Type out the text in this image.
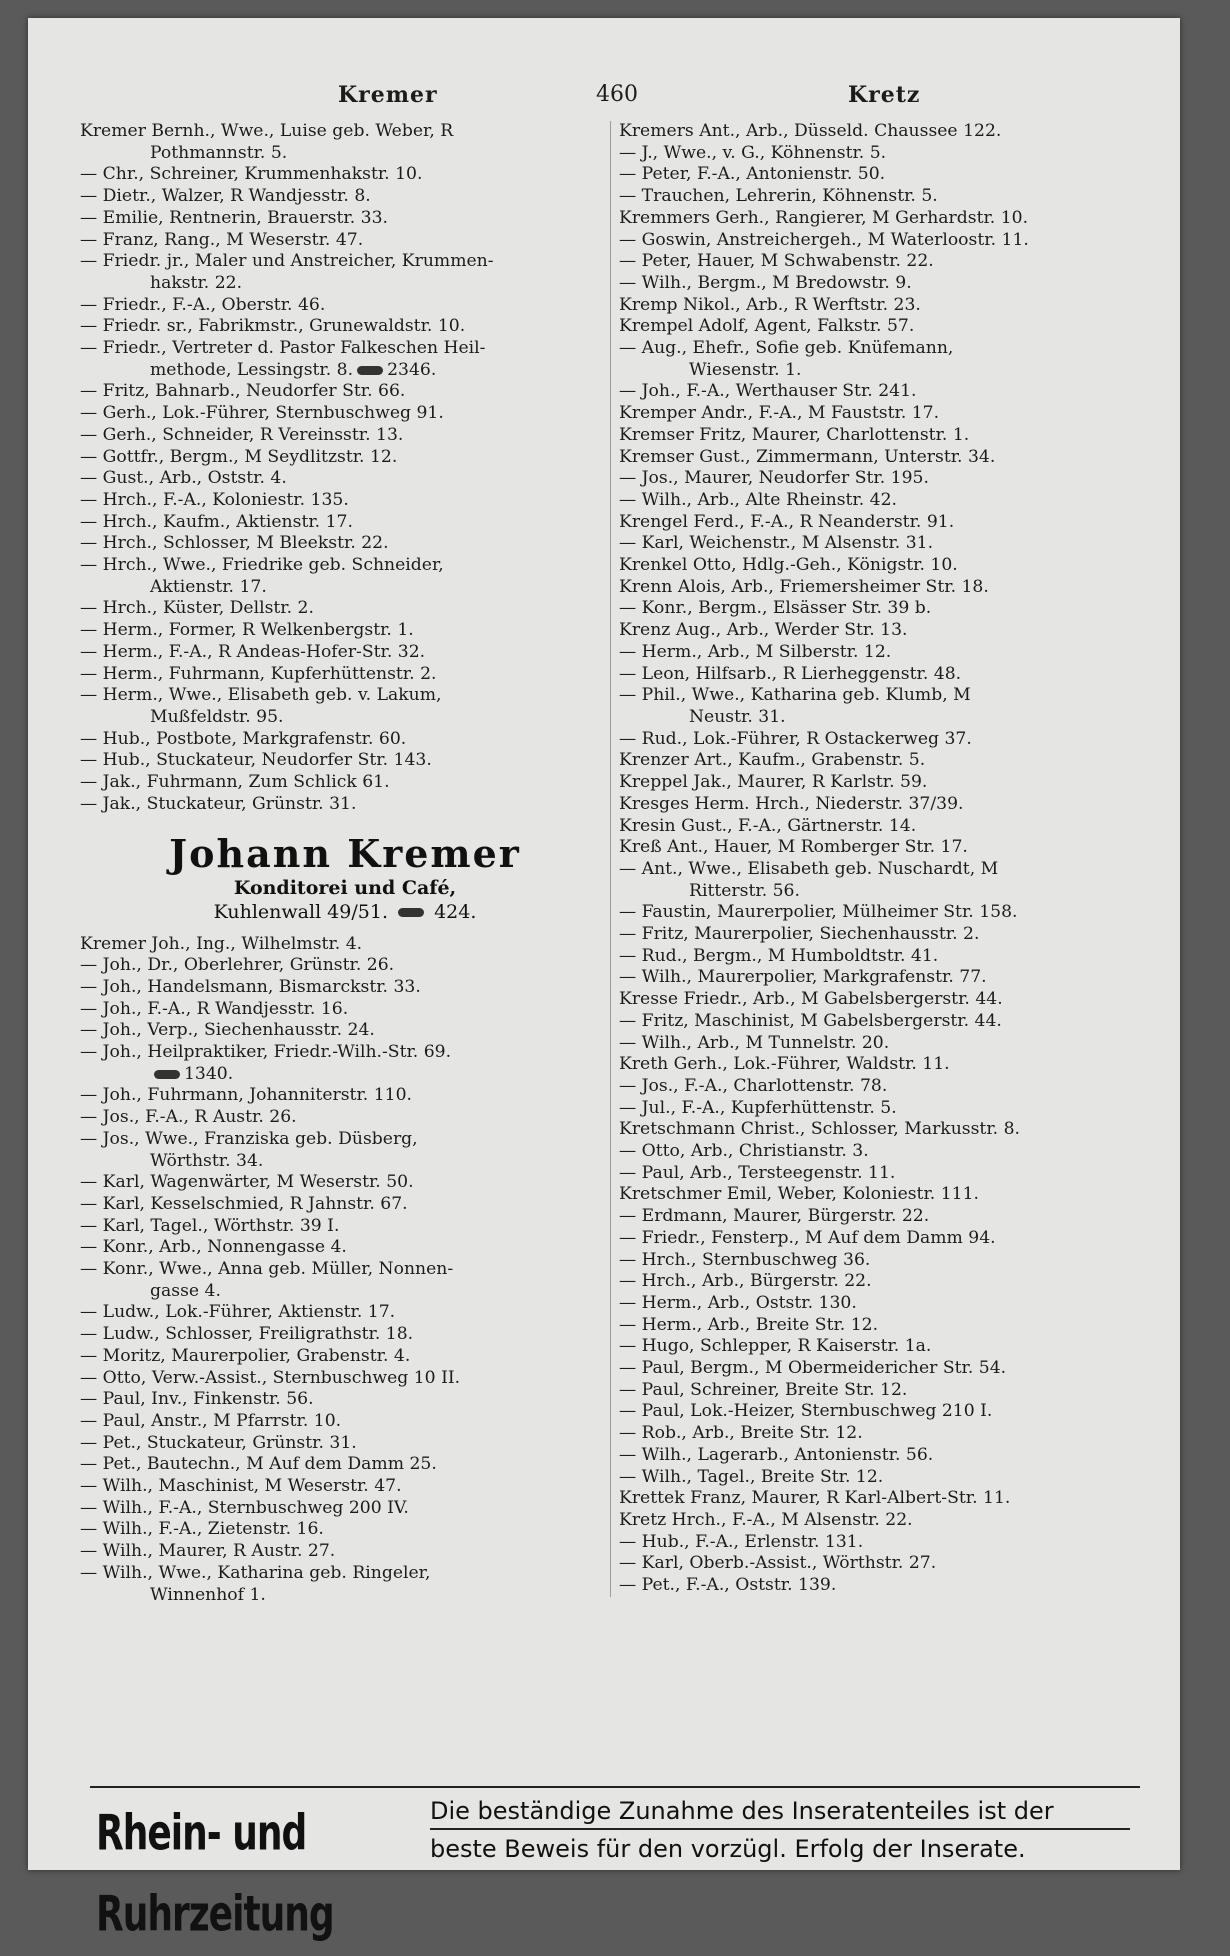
Kremer	460	Kretz
Kremer Bernh., Wwe., Luise geb. Weber, R
Pothmannstr. 5.
— Chr., Schreiner, Krummenhakstr. 10.
— Dietr., Walzer, R Wandjesstr. 8.
— Emilie, Rentnerin, Brauerstr. 33.
— Franz, Rang., M Weserstr. 47.
— Friedr. jr., Maler und Anstreicher, Krummen-
hakstr. 22.
— Friedr., F.-A., Oberstr. 46.
— Friedr. sr., Fabrikmstr., Grunewaldstr. 10.
— Friedr., Vertreter d. Pastor Falkeschen Heil-
methode, Lessingstr. 8. 2346.
— Fritz, Bahnarb., Neudorfer Str. 66.
— Gerh., Lok.-Führer, Sternbuschweg 91.
— Gerh., Schneider, R Vereinsstr. 13.
— Gottfr., Bergm., M Seydlitzstr. 12.
— Gust., Arb., Oststr. 4.
— Hrch., F.-A., Koloniestr. 135.
— Hrch., Kaufm., Aktienstr. 17.
— Hrch., Schlosser, M Bleekstr. 22.
— Hrch., Wwe., Friedrike geb. Schneider,
Aktienstr. 17.
— Hrch., Küster, Dellstr. 2.
— Herm., Former, R Welkenbergstr. 1.
— Herm., F.-A., R Andeas-Hofer-Str. 32.
— Herm., Fuhrmann, Kupferhüttenstr. 2.
— Herm., Wwe., Elisabeth geb. v. Lakum,
Mußfeldstr. 95.
— Hub., Postbote, Markgrafenstr. 60.
— Hub., Stuckateur, Neudorfer Str. 143.
— Jak., Fuhrmann, Zum Schlick 61.
— Jak., Stuckateur, Grünstr. 31.
Johann Kremer
Konditorei und Café,
Kuhlenwall 49/51. 424.
Kremer Joh., Ing., Wilhelmstr. 4.
— Joh., Dr., Oberlehrer, Grünstr. 26.
— Joh., Handelsmann, Bismarckstr. 33.
— Joh., F.-A., R Wandjesstr. 16.
— Joh., Verp., Siechenhausstr. 24.
— Joh., Heilpraktiker, Friedr.-Wilh.-Str. 69.
1340.
— Joh., Fuhrmann, Johanniterstr. 110.
— Jos., F.-A., R Austr. 26.
— Jos., Wwe., Franziska geb. Düsberg,
Wörthstr. 34.
— Karl, Wagenwärter, M Weserstr. 50.
— Karl, Kesselschmied, R Jahnstr. 67.
— Karl, Tagel., Wörthstr. 39 I.
— Konr., Arb., Nonnengasse 4.
— Konr., Wwe., Anna geb. Müller, Nonnen-
gasse 4.
— Ludw., Lok.-Führer, Aktienstr. 17.
— Ludw., Schlosser, Freiligrathstr. 18.
— Moritz, Maurerpolier, Grabenstr. 4.
— Otto, Verw.-Assist., Sternbuschweg 10 II.
— Paul, Inv., Finkenstr. 56.
— Paul, Anstr., M Pfarrstr. 10.
— Pet., Stuckateur, Grünstr. 31.
— Pet., Bautechn., M Auf dem Damm 25.
— Wilh., Maschinist, M Weserstr. 47.
— Wilh., F.-A., Sternbuschweg 200 IV.
— Wilh., F.-A., Zietenstr. 16.
— Wilh., Maurer, R Austr. 27.
— Wilh., Wwe., Katharina geb. Ringeler,
Winnenhof 1.
Kremers Ant., Arb., Düsseld. Chaussee 122.
— J., Wwe., v. G., Köhnenstr. 5.
— Peter, F.-A., Antonienstr. 50.
— Trauchen, Lehrerin, Köhnenstr. 5.
Kremmers Gerh., Rangierer, M Gerhardstr. 10.
— Goswin, Anstreichergeh., M Waterloostr. 11.
— Peter, Hauer, M Schwabenstr. 22.
— Wilh., Bergm., M Bredowstr. 9.
Kremp Nikol., Arb., R Werftstr. 23.
Krempel Adolf, Agent, Falkstr. 57.
— Aug., Ehefr., Sofie geb. Knüfemann,
Wiesenstr. 1.
— Joh., F.-A., Werthauser Str. 241.
Kremper Andr., F.-A., M Fauststr. 17.
Kremser Fritz, Maurer, Charlottenstr. 1.
Kremser Gust., Zimmermann, Unterstr. 34.
— Jos., Maurer, Neudorfer Str. 195.
— Wilh., Arb., Alte Rheinstr. 42.
Krengel Ferd., F.-A., R Neanderstr. 91.
— Karl, Weichenstr., M Alsenstr. 31.
Krenkel Otto, Hdlg.-Geh., Königstr. 10.
Krenn Alois, Arb., Friemersheimer Str. 18.
— Konr., Bergm., Elsässer Str. 39 b.
Krenz Aug., Arb., Werder Str. 13.
— Herm., Arb., M Silberstr. 12.
— Leon, Hilfsarb., R Lierheggenstr. 48.
— Phil., Wwe., Katharina geb. Klumb, M
Neustr. 31.
— Rud., Lok.-Führer, R Ostackerweg 37.
Krenzer Art., Kaufm., Grabenstr. 5.
Kreppel Jak., Maurer, R Karlstr. 59.
Kresges Herm. Hrch., Niederstr. 37/39.
Kresin Gust., F.-A., Gärtnerstr. 14.
Kreß Ant., Hauer, M Romberger Str. 17.
— Ant., Wwe., Elisabeth geb. Nuschardt, M
Ritterstr. 56.
— Faustin, Maurerpolier, Mülheimer Str. 158.
— Fritz, Maurerpolier, Siechenhausstr. 2.
— Rud., Bergm., M Humboldtstr. 41.
— Wilh., Maurerpolier, Markgrafenstr. 77.
Kresse Friedr., Arb., M Gabelsbergerstr. 44.
— Fritz, Maschinist, M Gabelsbergerstr. 44.
— Wilh., Arb., M Tunnelstr. 20.
Kreth Gerh., Lok.-Führer, Waldstr. 11.
— Jos., F.-A., Charlottenstr. 78.
— Jul., F.-A., Kupferhüttenstr. 5.
Kretschmann Christ., Schlosser, Markusstr. 8.
— Otto, Arb., Christianstr. 3.
— Paul, Arb., Tersteegenstr. 11.
Kretschmer Emil, Weber, Koloniestr. 111.
— Erdmann, Maurer, Bürgerstr. 22.
— Friedr., Fensterp., M Auf dem Damm 94.
— Hrch., Sternbuschweg 36.
— Hrch., Arb., Bürgerstr. 22.
— Herm., Arb., Oststr. 130.
— Herm., Arb., Breite Str. 12.
— Hugo, Schlepper, R Kaiserstr. 1a.
— Paul, Bergm., M Obermeidericher Str. 54.
— Paul, Schreiner, Breite Str. 12.
— Paul, Lok.-Heizer, Sternbuschweg 210 I.
— Rob., Arb., Breite Str. 12.
— Wilh., Lagerarb., Antonienstr. 56.
— Wilh., Tagel., Breite Str. 12.
Krettek Franz, Maurer, R Karl-Albert-Str. 11.
Kretz Hrch., F.-A., M Alsenstr. 22.
— Hub., F.-A., Erlenstr. 131.
— Karl, Oberb.-Assist., Wörthstr. 27.
— Pet., F.-A., Oststr. 139.
Rhein- und Ruhrzeitung
Die beständige Zunahme des Inseratenteiles ist der
beste Beweis für den vorzügl. Erfolg der Inserate.
